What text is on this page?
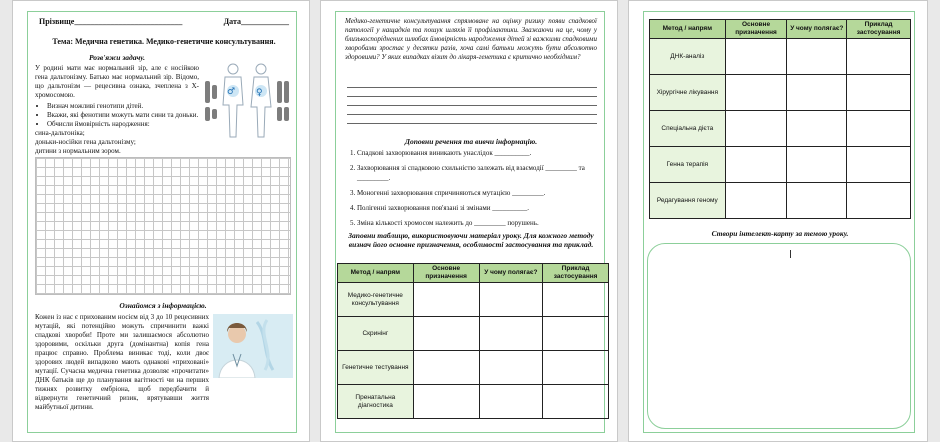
Прізвище___________________________	Дата____________
Тема: Медична генетика. Медико-генетичне консультування.
Розв'яжи задачу.
У родині мати має нормальний зір, але є носійкою гена дальтонізму. Батько має нормальний зір. Відомо, що дальтонізм — рецесивна ознака, зчеплена з Х-хромосомою.
• Визнач можливі генотипи дітей.
• Вкажи, які фенотипи можуть мати сини та доньки.
• Обчисли ймовірність народження:
сина-дальтоніка;
доньки-носійки гена дальтонізму;
дитини з нормальним зором.
♂ ♀
Ознайомся з інформацією.
Кожен із нас є прихованим носієм від 3 до 10 рецесивних мутацій, які потенційно можуть спричинити важкі спадкові хвороби! Проте ми залишаємося абсолютно здоровими, оскільки друга (домінантна) копія гена працює справно. Проблема виникає тоді, коли двоє здорових людей випадково мають однакові «приховані» мутації. Сучасна медична генетика дозволяє «прочитати» ДНК батьків ще до планування вагітності чи на перших тижнях розвитку ембріона, щоб передбачити й відвернути генетичний ризик, врятувавши життя майбутньої дитини.
Медико-генетичне консультування спрямоване на оцінку ризику появи спадкової патології у нащадків та пошук шляхів її профілактики. Зважаючи на це, чому у близькоспоріднених шлюбах ймовірність народження дітей зі важкими спадковими хворобами зростає у десятки разів, хоча самі батьки можуть бути абсолютно здоровими? У яких випадках візит до лікаря-генетика є критично необхідним?
Доповни речення та вивчи інформацію.
1. Спадкові захворювання виникають унаслідок __________.
2. Захворювання зі спадковою схильністю залежать від взаємодії _________ та _________.
3. Моногенні захворювання спричиняються мутацією _________.
4. Полігенні захворювання пов'язані зі змінами __________.
5. Зміна кількості хромосом належить до _________ порушень.
Заповни таблицю, використовуючи матеріал уроку. Для кожного методу визнач його основне призначення, особливості застосування та приклад.
Метод / напрям	Основне призначення	У чому полягає?	Приклад застосування
Медико-генетичне консультування			
Скринінг			
Генетичне тестування			
Пренатальна діагностика			
Метод / напрям	Основне призначення	У чому полягає?	Приклад застосування
ДНК-аналіз			
Хірургічне лікування			
Спеціальна дієта			
Генна терапія			
Редагування геному			
Створи інтелект-карту за темою уроку.
